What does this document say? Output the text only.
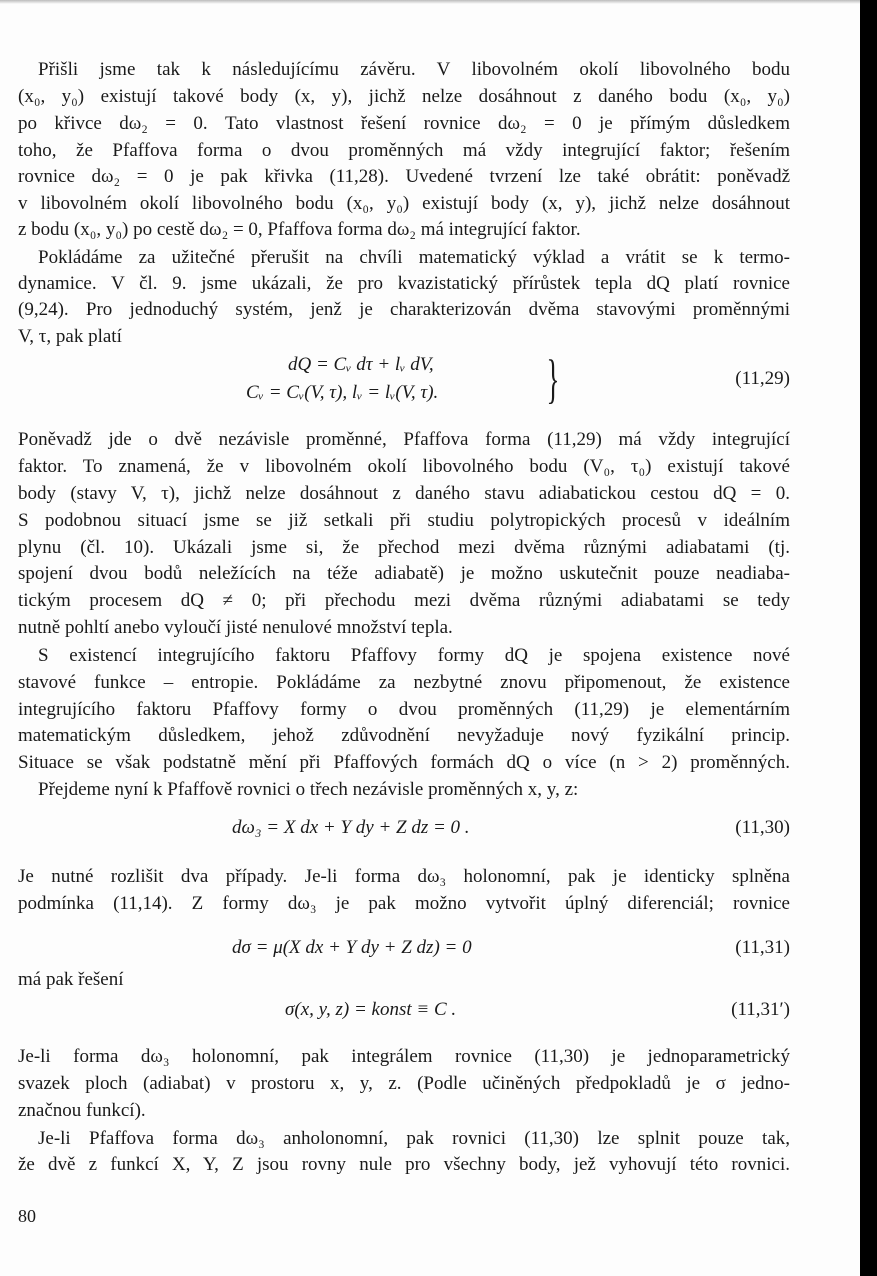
Přišli jsme tak k následujícímu závěru. V libovolném okolí libovolného bodu
(x₀, y₀) existují takové body (x, y), jichž nelze dosáhnout z daného bodu (x₀, y₀)
po křivce dω₂ = 0. Tato vlastnost řešení rovnice dω₂ = 0 je přímým důsledkem
toho, že Pfaffova forma o dvou proměnných má vždy integrující faktor; řešením
rovnice dω₂ = 0 je pak křivka (11,28). Uvedené tvrzení lze také obrátit: poněvadž
v libovolném okolí libovolného bodu (x₀, y₀) existují body (x, y), jichž nelze dosáhnout
z bodu (x₀, y₀) po cestě dω₂ = 0, Pfaffova forma dω₂ má integrující faktor.
Pokládáme za užitečné přerušit na chvíli matematický výklad a vrátit se k termo-
dynamice. V čl. 9. jsme ukázali, že pro kvazistatický přírůstek tepla dQ platí rovnice
(9,24). Pro jednoduchý systém, jenž je charakterizován dvěma stavovými proměnnými
V, τ, pak platí
Poněvadž jde o dvě nezávisle proměnné, Pfaffova forma (11,29) má vždy integrující
faktor. To znamená, že v libovolném okolí libovolného bodu (V₀, τ₀) existují takové
body (stavy V, τ), jichž nelze dosáhnout z daného stavu adiabatickou cestou dQ = 0.
S podobnou situací jsme se již setkali při studiu polytropických procesů v ideálním
plynu (čl. 10). Ukázali jsme si, že přechod mezi dvěma různými adiabatami (tj.
spojení dvou bodů neležících na téže adiabatě) je možno uskutečnit pouze neadiaba-
tickým procesem dQ ≠ 0; při přechodu mezi dvěma různými adiabatami se tedy
nutně pohltí anebo vyloučí jisté nenulové množství tepla.
S existencí integrujícího faktoru Pfaffovy formy dQ je spojena existence nové
stavové funkce – entropie. Pokládáme za nezbytné znovu připomenout, že existence
integrujícího faktoru Pfaffovy formy o dvou proměnných (11,29) je elementárním
matematickým důsledkem, jehož zdůvodnění nevyžaduje nový fyzikální princip.
Situace se však podstatně mění při Pfaffových formách dQ o více (n > 2) proměnných.
Přejdeme nyní k Pfaffově rovnici o třech nezávisle proměnných x, y, z:
Je nutné rozlišit dva případy. Je-li forma dω₃ holonomní, pak je identicky splněna
podmínka (11,14). Z formy dω₃ je pak možno vytvořit úplný diferenciál; rovnice
má pak řešení
Je-li forma dω₃ holonomní, pak integrálem rovnice (11,30) je jednoparametrický
svazek ploch (adiabat) v prostoru x, y, z. (Podle učiněných předpokladů je σ jedno-
značnou funkcí).
Je-li Pfaffova forma dω₃ anholonomní, pak rovnici (11,30) lze splnit pouze tak,
že dvě z funkcí X, Y, Z jsou rovny nule pro všechny body, jež vyhovují této rovnici.
dQ = Cᵥ dτ + lᵥ dV,
Cᵥ = Cᵥ(V, τ), lᵥ = lᵥ(V, τ). }	(11,29)
dω₃ = X dx + Y dy + Z dz = 0 .	(11,30)
dσ = μ(X dx + Y dy + Z dz) = 0	(11,31)
σ(x, y, z) = konst ≡ C .	(11,31′)
80
